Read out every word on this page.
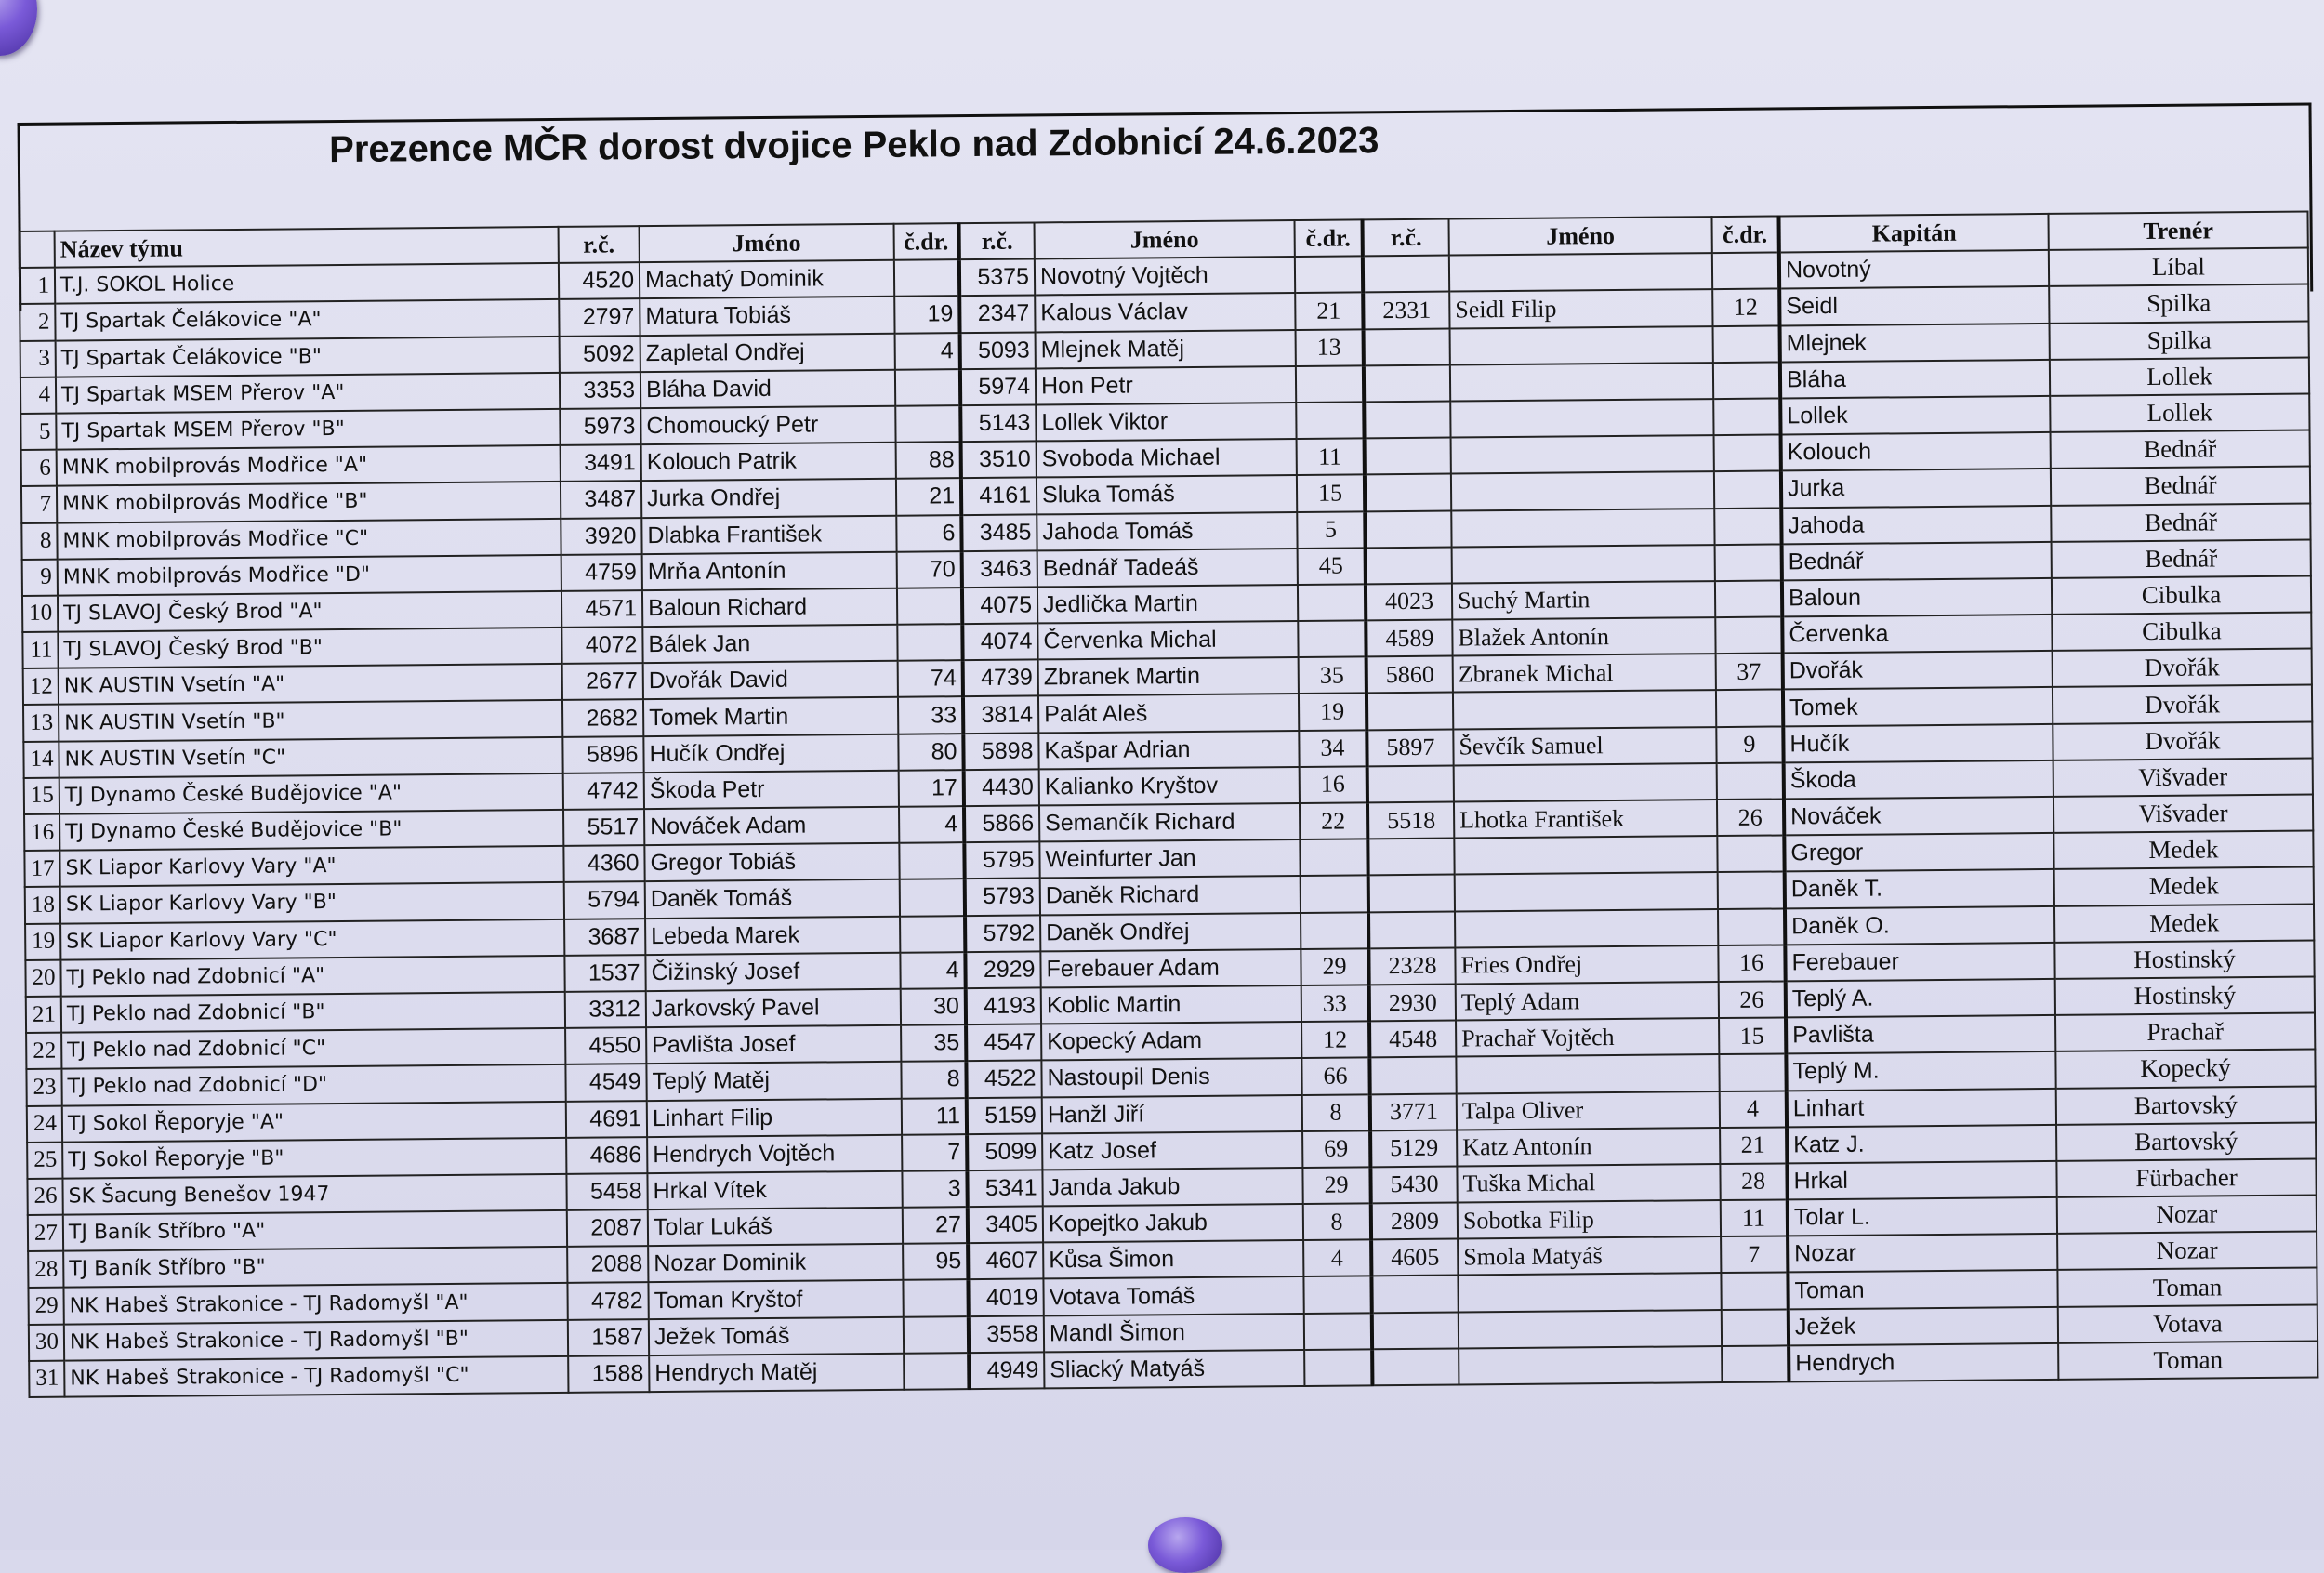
Prezence MČR dorost dvojice Peklo nad Zdobnicí 24.6.2023
	Název týmu	r.č.	Jméno	č.dr.	r.č.	Jméno	č.dr.	r.č.	Jméno	č.dr.	Kapitán	Trenér
1	T.J. SOKOL Holice	4520	Machatý Dominik		5375	Novotný Vojtěch					Novotný	Líbal
2	TJ Spartak Čelákovice "A"	2797	Matura Tobiáš	19	2347	Kalous Václav	21	2331	Seidl Filip	12	Seidl	Spilka
3	TJ Spartak Čelákovice "B"	5092	Zapletal Ondřej	4	5093	Mlejnek Matěj	13				Mlejnek	Spilka
4	TJ Spartak MSEM Přerov "A"	3353	Bláha David		5974	Hon Petr					Bláha	Lollek
5	TJ Spartak MSEM Přerov "B"	5973	Chomoucký Petr		5143	Lollek Viktor					Lollek	Lollek
6	MNK mobilprovás Modřice "A"	3491	Kolouch Patrik	88	3510	Svoboda Michael	11				Kolouch	Bednář
7	MNK mobilprovás Modřice "B"	3487	Jurka Ondřej	21	4161	Sluka Tomáš	15				Jurka	Bednář
8	MNK mobilprovás Modřice "C"	3920	Dlabka František	6	3485	Jahoda Tomáš	5				Jahoda	Bednář
9	MNK mobilprovás Modřice "D"	4759	Mrňa Antonín	70	3463	Bednář Tadeáš	45				Bednář	Bednář
10	TJ SLAVOJ Český Brod "A"	4571	Baloun Richard		4075	Jedlička Martin		4023	Suchý Martin		Baloun	Cibulka
11	TJ SLAVOJ Český Brod "B"	4072	Bálek Jan		4074	Červenka Michal		4589	Blažek Antonín		Červenka	Cibulka
12	NK AUSTIN Vsetín "A"	2677	Dvořák David	74	4739	Zbranek Martin	35	5860	Zbranek Michal	37	Dvořák	Dvořák
13	NK AUSTIN Vsetín "B"	2682	Tomek Martin	33	3814	Palát Aleš	19				Tomek	Dvořák
14	NK AUSTIN Vsetín "C"	5896	Hučík Ondřej	80	5898	Kašpar Adrian	34	5897	Ševčík Samuel	9	Hučík	Dvořák
15	TJ Dynamo České Budějovice "A"	4742	Škoda Petr	17	4430	Kalianko Kryštov	16				Škoda	Višvader
16	TJ Dynamo České Budějovice "B"	5517	Nováček Adam	4	5866	Semančík Richard	22	5518	Lhotka František	26	Nováček	Višvader
17	SK Liapor Karlovy Vary "A"	4360	Gregor Tobiáš		5795	Weinfurter Jan					Gregor	Medek
18	SK Liapor Karlovy Vary "B"	5794	Daněk Tomáš		5793	Daněk Richard					Daněk T.	Medek
19	SK Liapor Karlovy Vary "C"	3687	Lebeda Marek		5792	Daněk Ondřej					Daněk O.	Medek
20	TJ Peklo nad Zdobnicí "A"	1537	Čižinský Josef	4	2929	Ferebauer Adam	29	2328	Fries Ondřej	16	Ferebauer	Hostinský
21	TJ Peklo nad Zdobnicí "B"	3312	Jarkovský Pavel	30	4193	Koblic Martin	33	2930	Teplý Adam	26	Teplý A.	Hostinský
22	TJ Peklo nad Zdobnicí "C"	4550	Pavlišta Josef	35	4547	Kopecký Adam	12	4548	Prachař Vojtěch	15	Pavlišta	Prachař
23	TJ Peklo nad Zdobnicí "D"	4549	Teplý Matěj	8	4522	Nastoupil Denis	66				Teplý M.	Kopecký
24	TJ Sokol Řeporyje "A"	4691	Linhart Filip	11	5159	Hanžl Jiří	8	3771	Talpa Oliver	4	Linhart	Bartovský
25	TJ Sokol Řeporyje "B"	4686	Hendrych Vojtěch	7	5099	Katz Josef	69	5129	Katz Antonín	21	Katz J.	Bartovský
26	SK Šacung Benešov 1947	5458	Hrkal Vítek	3	5341	Janda Jakub	29	5430	Tuška Michal	28	Hrkal	Fürbacher
27	TJ Baník Stříbro "A"	2087	Tolar Lukáš	27	3405	Kopejtko Jakub	8	2809	Sobotka Filip	11	Tolar L.	Nozar
28	TJ Baník Stříbro "B"	2088	Nozar Dominik	95	4607	Kůsa Šimon	4	4605	Smola Matyáš	7	Nozar	Nozar
29	NK Habeš Strakonice - TJ Radomyšl "A"	4782	Toman Kryštof		4019	Votava Tomáš					Toman	Toman
30	NK Habeš Strakonice - TJ Radomyšl "B"	1587	Ježek Tomáš		3558	Mandl Šimon					Ježek	Votava
31	NK Habeš Strakonice - TJ Radomyšl "C"	1588	Hendrych Matěj		4949	Sliacký Matyáš					Hendrych	Toman
